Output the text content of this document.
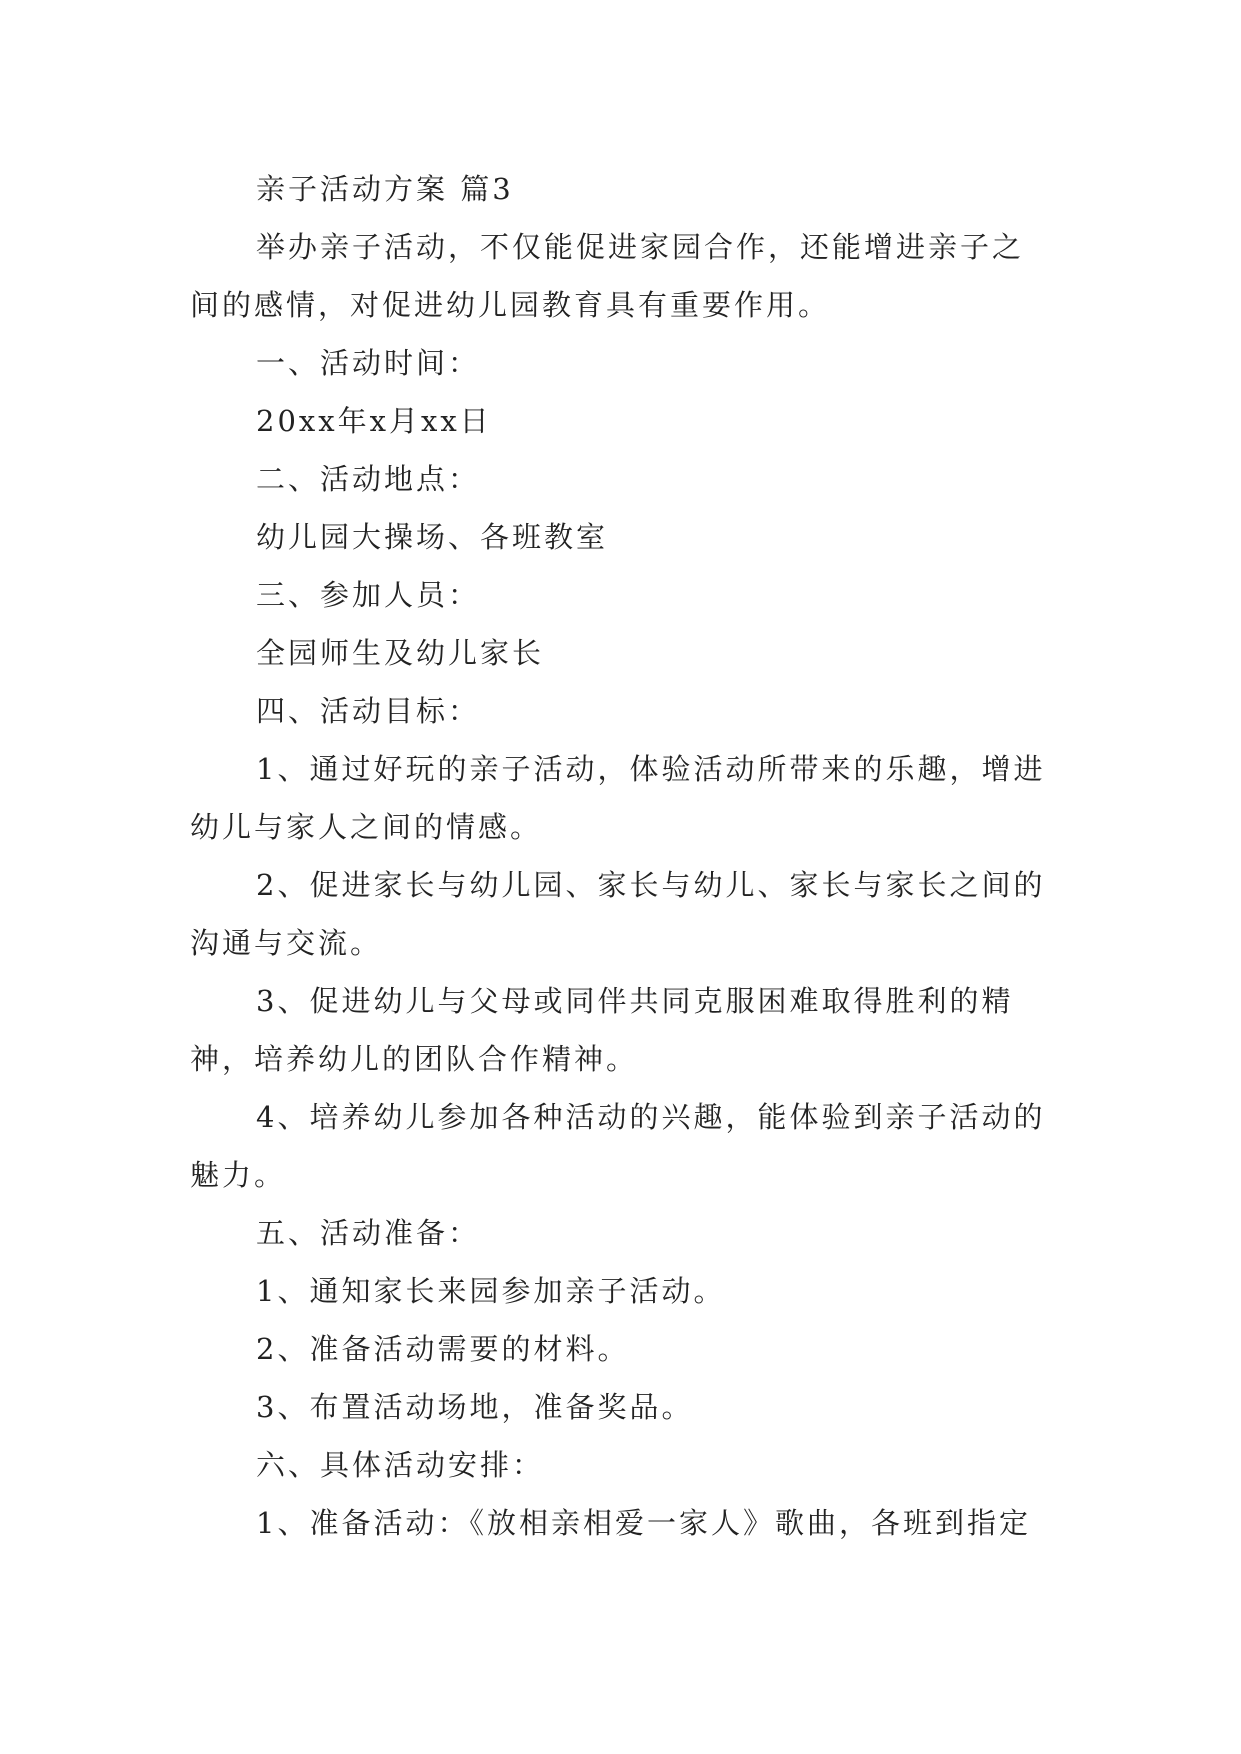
亲子活动方案 篇3

举办亲子活动，不仅能促进家园合作，还能增进亲子之间的感情，对促进幼儿园教育具有重要作用。

一、活动时间：

20xx年x月xx日

二、活动地点：

幼儿园大操场、各班教室

三、参加人员：

全园师生及幼儿家长

四、活动目标：

1、通过好玩的亲子活动，体验活动所带来的乐趣，增进幼儿与家人之间的情感。

2、促进家长与幼儿园、家长与幼儿、家长与家长之间的沟通与交流。

3、促进幼儿与父母或同伴共同克服困难取得胜利的精神，培养幼儿的团队合作精神。

4、培养幼儿参加各种活动的兴趣，能体验到亲子活动的魅力。

五、活动准备：

1、通知家长来园参加亲子活动。

2、准备活动需要的材料。

3、布置活动场地，准备奖品。

六、具体活动安排：

1、准备活动：《放相亲相爱一家人》歌曲，各班到指定
